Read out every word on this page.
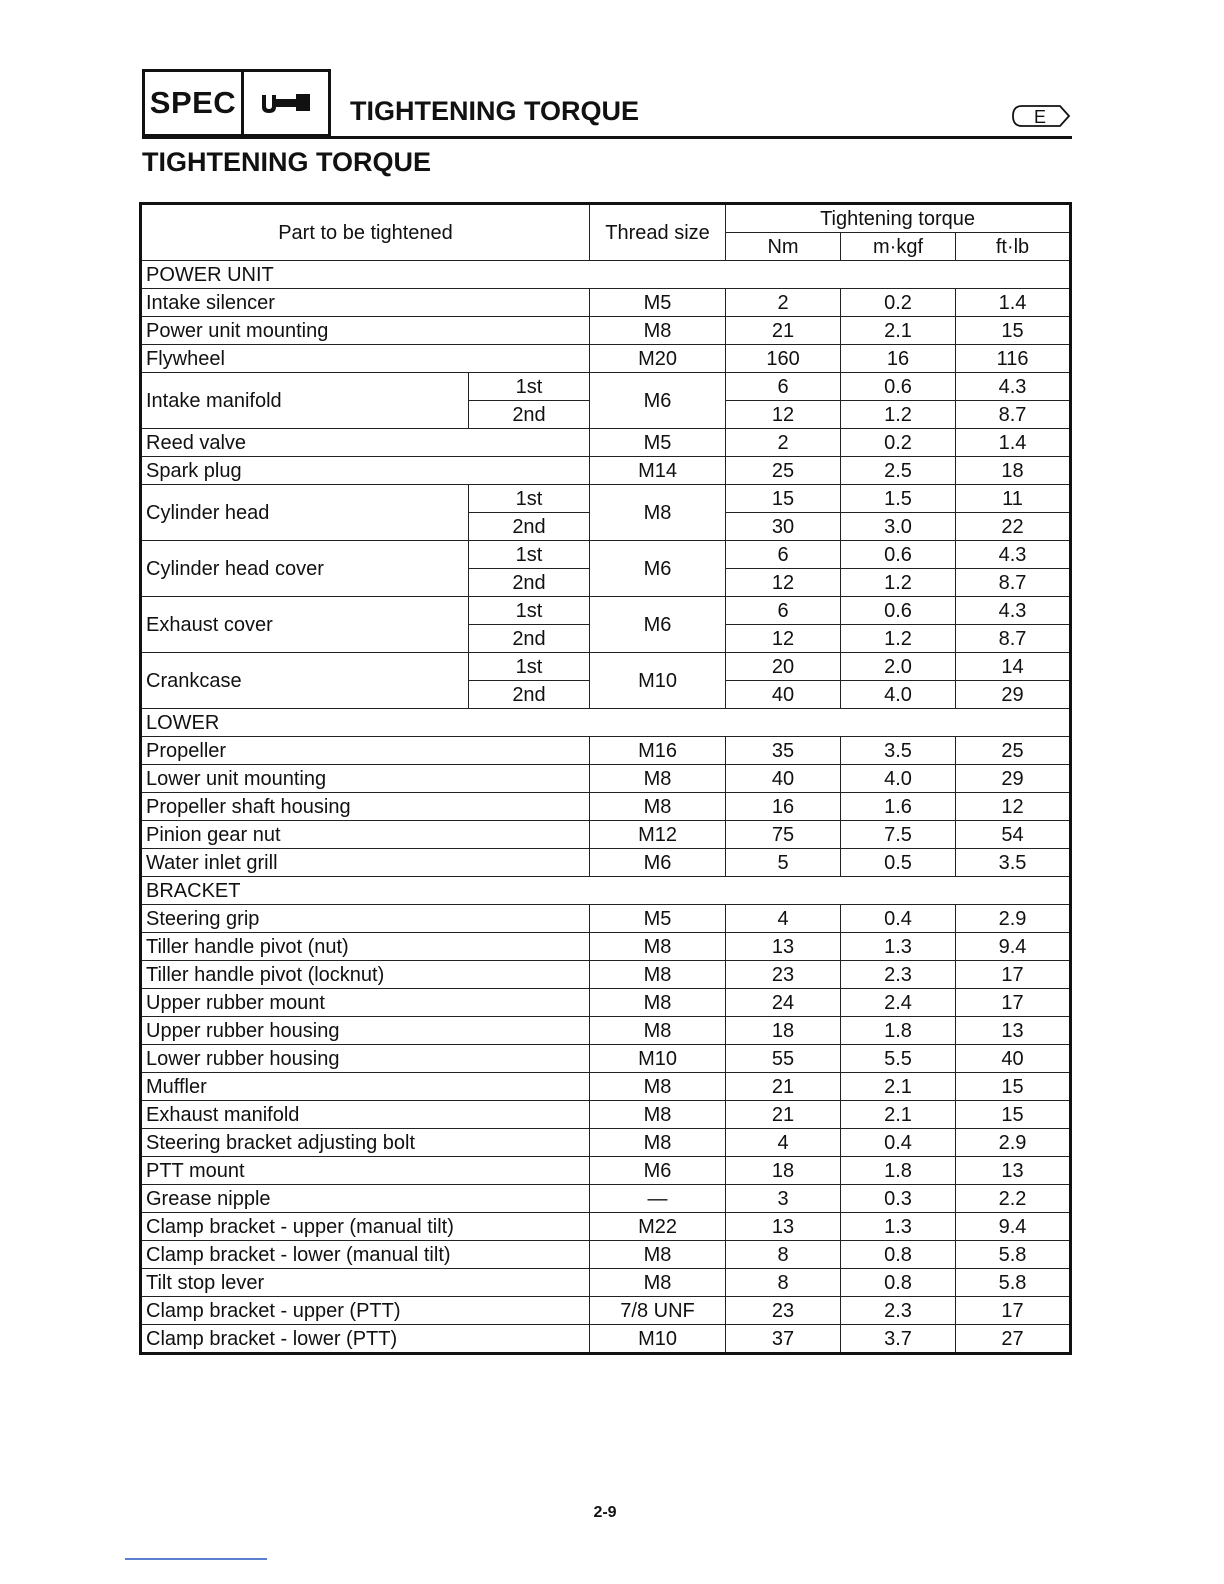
SPEC	TIGHTENING TORQUE	E
TIGHTENING TORQUE
Part to be tightened		Thread size	Tightening torque		
			Nm	m·kgf	ft·lb
POWER UNIT					
Intake silencer		M5	2	0.2	1.4
Power unit mounting		M8	21	2.1	15
Flywheel		M20	160	16	116
Intake manifold	1st	M6	6	0.6	4.3
	2nd		12	1.2	8.7
Reed valve		M5	2	0.2	1.4
Spark plug		M14	25	2.5	18
Cylinder head	1st	M8	15	1.5	11
	2nd		30	3.0	22
Cylinder head cover	1st	M6	6	0.6	4.3
	2nd		12	1.2	8.7
Exhaust cover	1st	M6	6	0.6	4.3
	2nd		12	1.2	8.7
Crankcase	1st	M10	20	2.0	14
	2nd		40	4.0	29
LOWER					
Propeller		M16	35	3.5	25
Lower unit mounting		M8	40	4.0	29
Propeller shaft housing		M8	16	1.6	12
Pinion gear nut		M12	75	7.5	54
Water inlet grill		M6	5	0.5	3.5
BRACKET					
Steering grip		M5	4	0.4	2.9
Tiller handle pivot (nut)		M8	13	1.3	9.4
Tiller handle pivot (locknut)		M8	23	2.3	17
Upper rubber mount		M8	24	2.4	17
Upper rubber housing		M8	18	1.8	13
Lower rubber housing		M10	55	5.5	40
Muffler		M8	21	2.1	15
Exhaust manifold		M8	21	2.1	15
Steering bracket adjusting bolt		M8	4	0.4	2.9
PTT mount		M6	18	1.8	13
Grease nipple		—	3	0.3	2.2
Clamp bracket - upper (manual tilt)		M22	13	1.3	9.4
Clamp bracket - lower (manual tilt)		M8	8	0.8	5.8
Tilt stop lever		M8	8	0.8	5.8
Clamp bracket - upper (PTT)		7/8 UNF	23	2.3	17
Clamp bracket - lower (PTT)		M10	37	3.7	27
2-9
